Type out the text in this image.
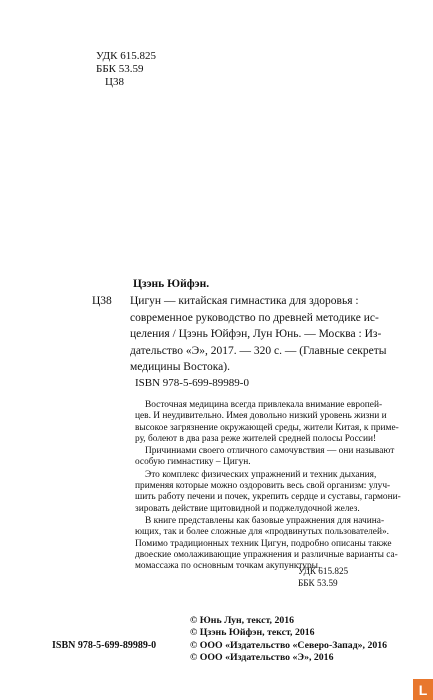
УДК 615.825
ББК 53.59
Ц38
Цзэнь Юйфэн.
Ц38 Цигун — китайская гимнастика для здоровья :
современное руководство по древней методике ис-
целения / Цзэнь Юйфэн, Лун Юнь. — Москва : Из-
дательство «Э», 2017. — 320 с. — (Главные секреты
медицины Востока).
ISBN 978-5-699-89989-0
Восточная медицина всегда привлекала внимание европей-
цев. И неудивительно. Имея довольно низкий уровень жизни и
высокое загрязнение окружающей среды, жители Китая, к приме-
ру, болеют в два раза реже жителей средней полосы России!
Причиниами своего отличного самочувствия — они называют
особую гимнастику – Цигун.
Это комплекс физических упражнений и техник дыхания,
применяя которые можно оздоровить весь свой организм: улуч-
шить работу печени и почек, укрепить сердце и суставы, гармони-
зировать действие щитовидной и поджелудочной желез.
В книге представлены как базовые упражнения для начина-
ющих, так и более сложные для «продвинутых пользователей».
Помимо традиционных техник Цигун, подробно описаны также
двоеские омолаживающие упражнения и различные варианты са-
момассажа по основным точкам акупунктуры.
УДК 615.825
ББК 53.59
© Юнь Лун, текст, 2016
© Цзэнь Юйфэн, текст, 2016
© ООО «Издательство «Северо-Запад», 2016
© ООО «Издательство «Э», 2016
ISBN 978-5-699-89989-0
L
